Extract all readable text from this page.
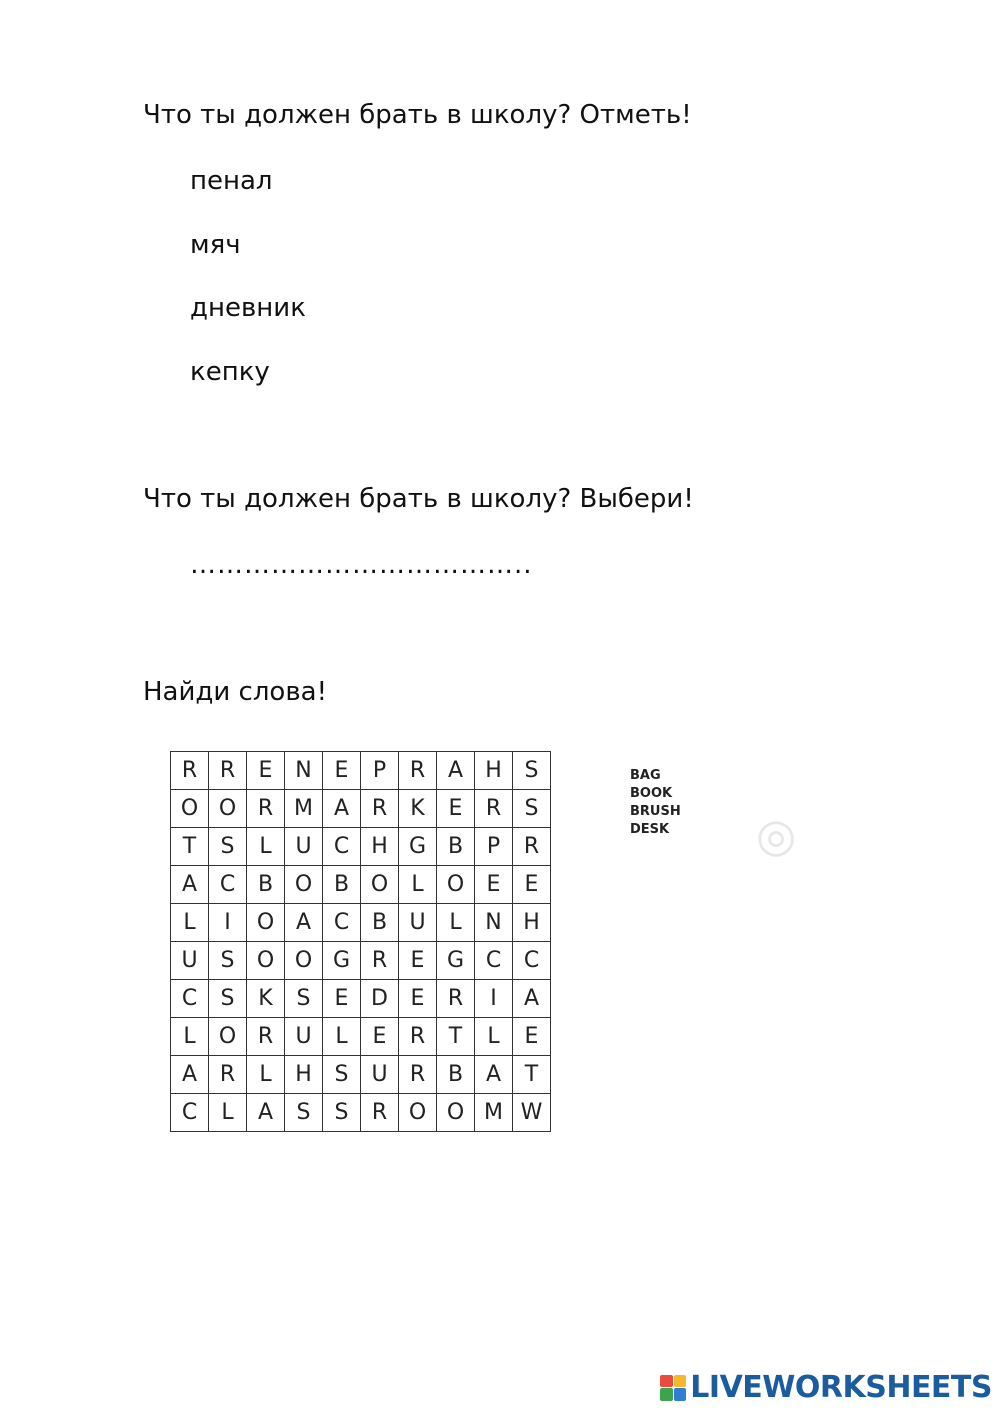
Что ты должен брать в школу? Отметь!
пенал
мяч
дневник
кепку
Что ты должен брать в школу? Выбери!
………………………………..
Найди слова!
◎
R	R	E	N	E	P	R	A	H	S
O O R M A	R	K	E	R	S
T	S	L	U	C	H G B	P	R
A	C	B O B O	L	O	E	E
L	I	O A	C	B	U	L	N H
U	S	O O G R	E	G C	C
C	S	K	S	E	D	E	R	I	A
L	O R	U	L	E	R	T	L	E
A	R	L	H	S	U	R	B	A	T
C	L	A	S	S	R O O M W
BAG
BOOK
BRUSH
DESK
LIVEWORKSHEETS
